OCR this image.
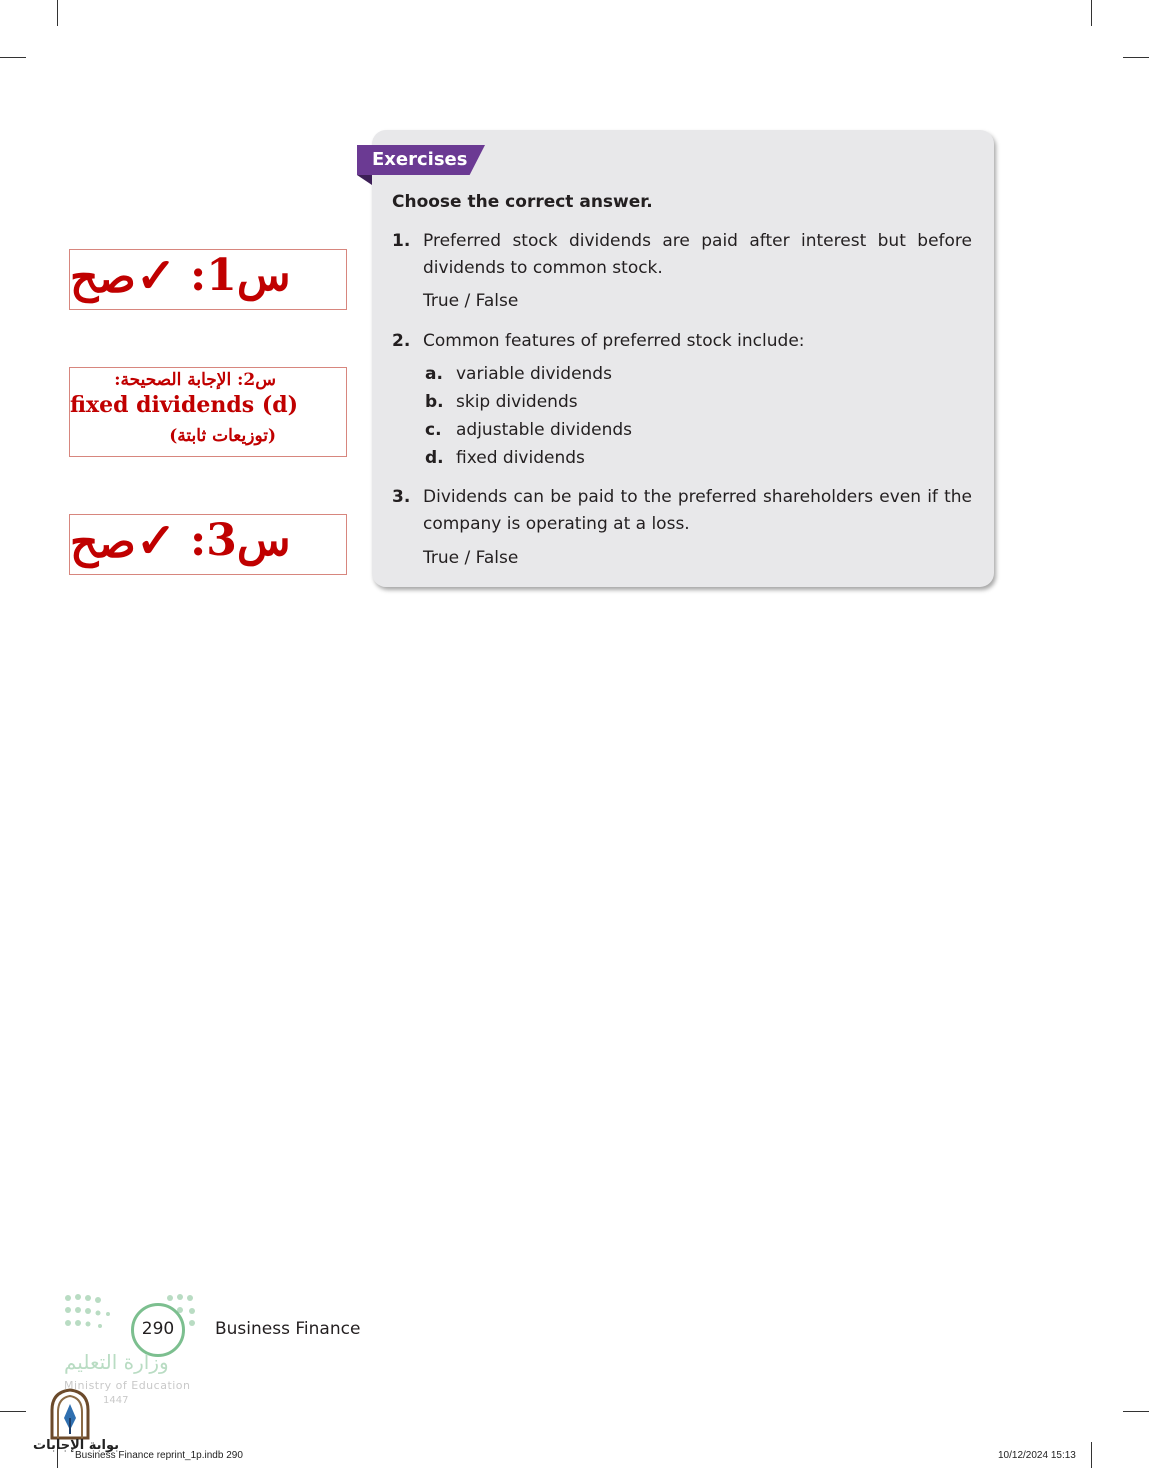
Exercises
Choose the correct answer.
1. Preferred stock dividends are paid after interest but before dividends to common stock.
True / False
2. Common features of preferred stock include:
a. variable dividends
b. skip dividends
c. adjustable dividends
d. fixed dividends
3. Dividends can be paid to the preferred shareholders even if the company is operating at a loss.
True / False
صح ✓ س1:
س2: الإجابة الصحيحة:
fixed dividends (d)
(توزيعات ثابتة)
صح ✓ س3:
290	Business Finance
وزارة التعليم
Ministry of Education
1447
بوابة الإجابات
Business Finance reprint_1p.indb 290	10/12/2024 15:13
